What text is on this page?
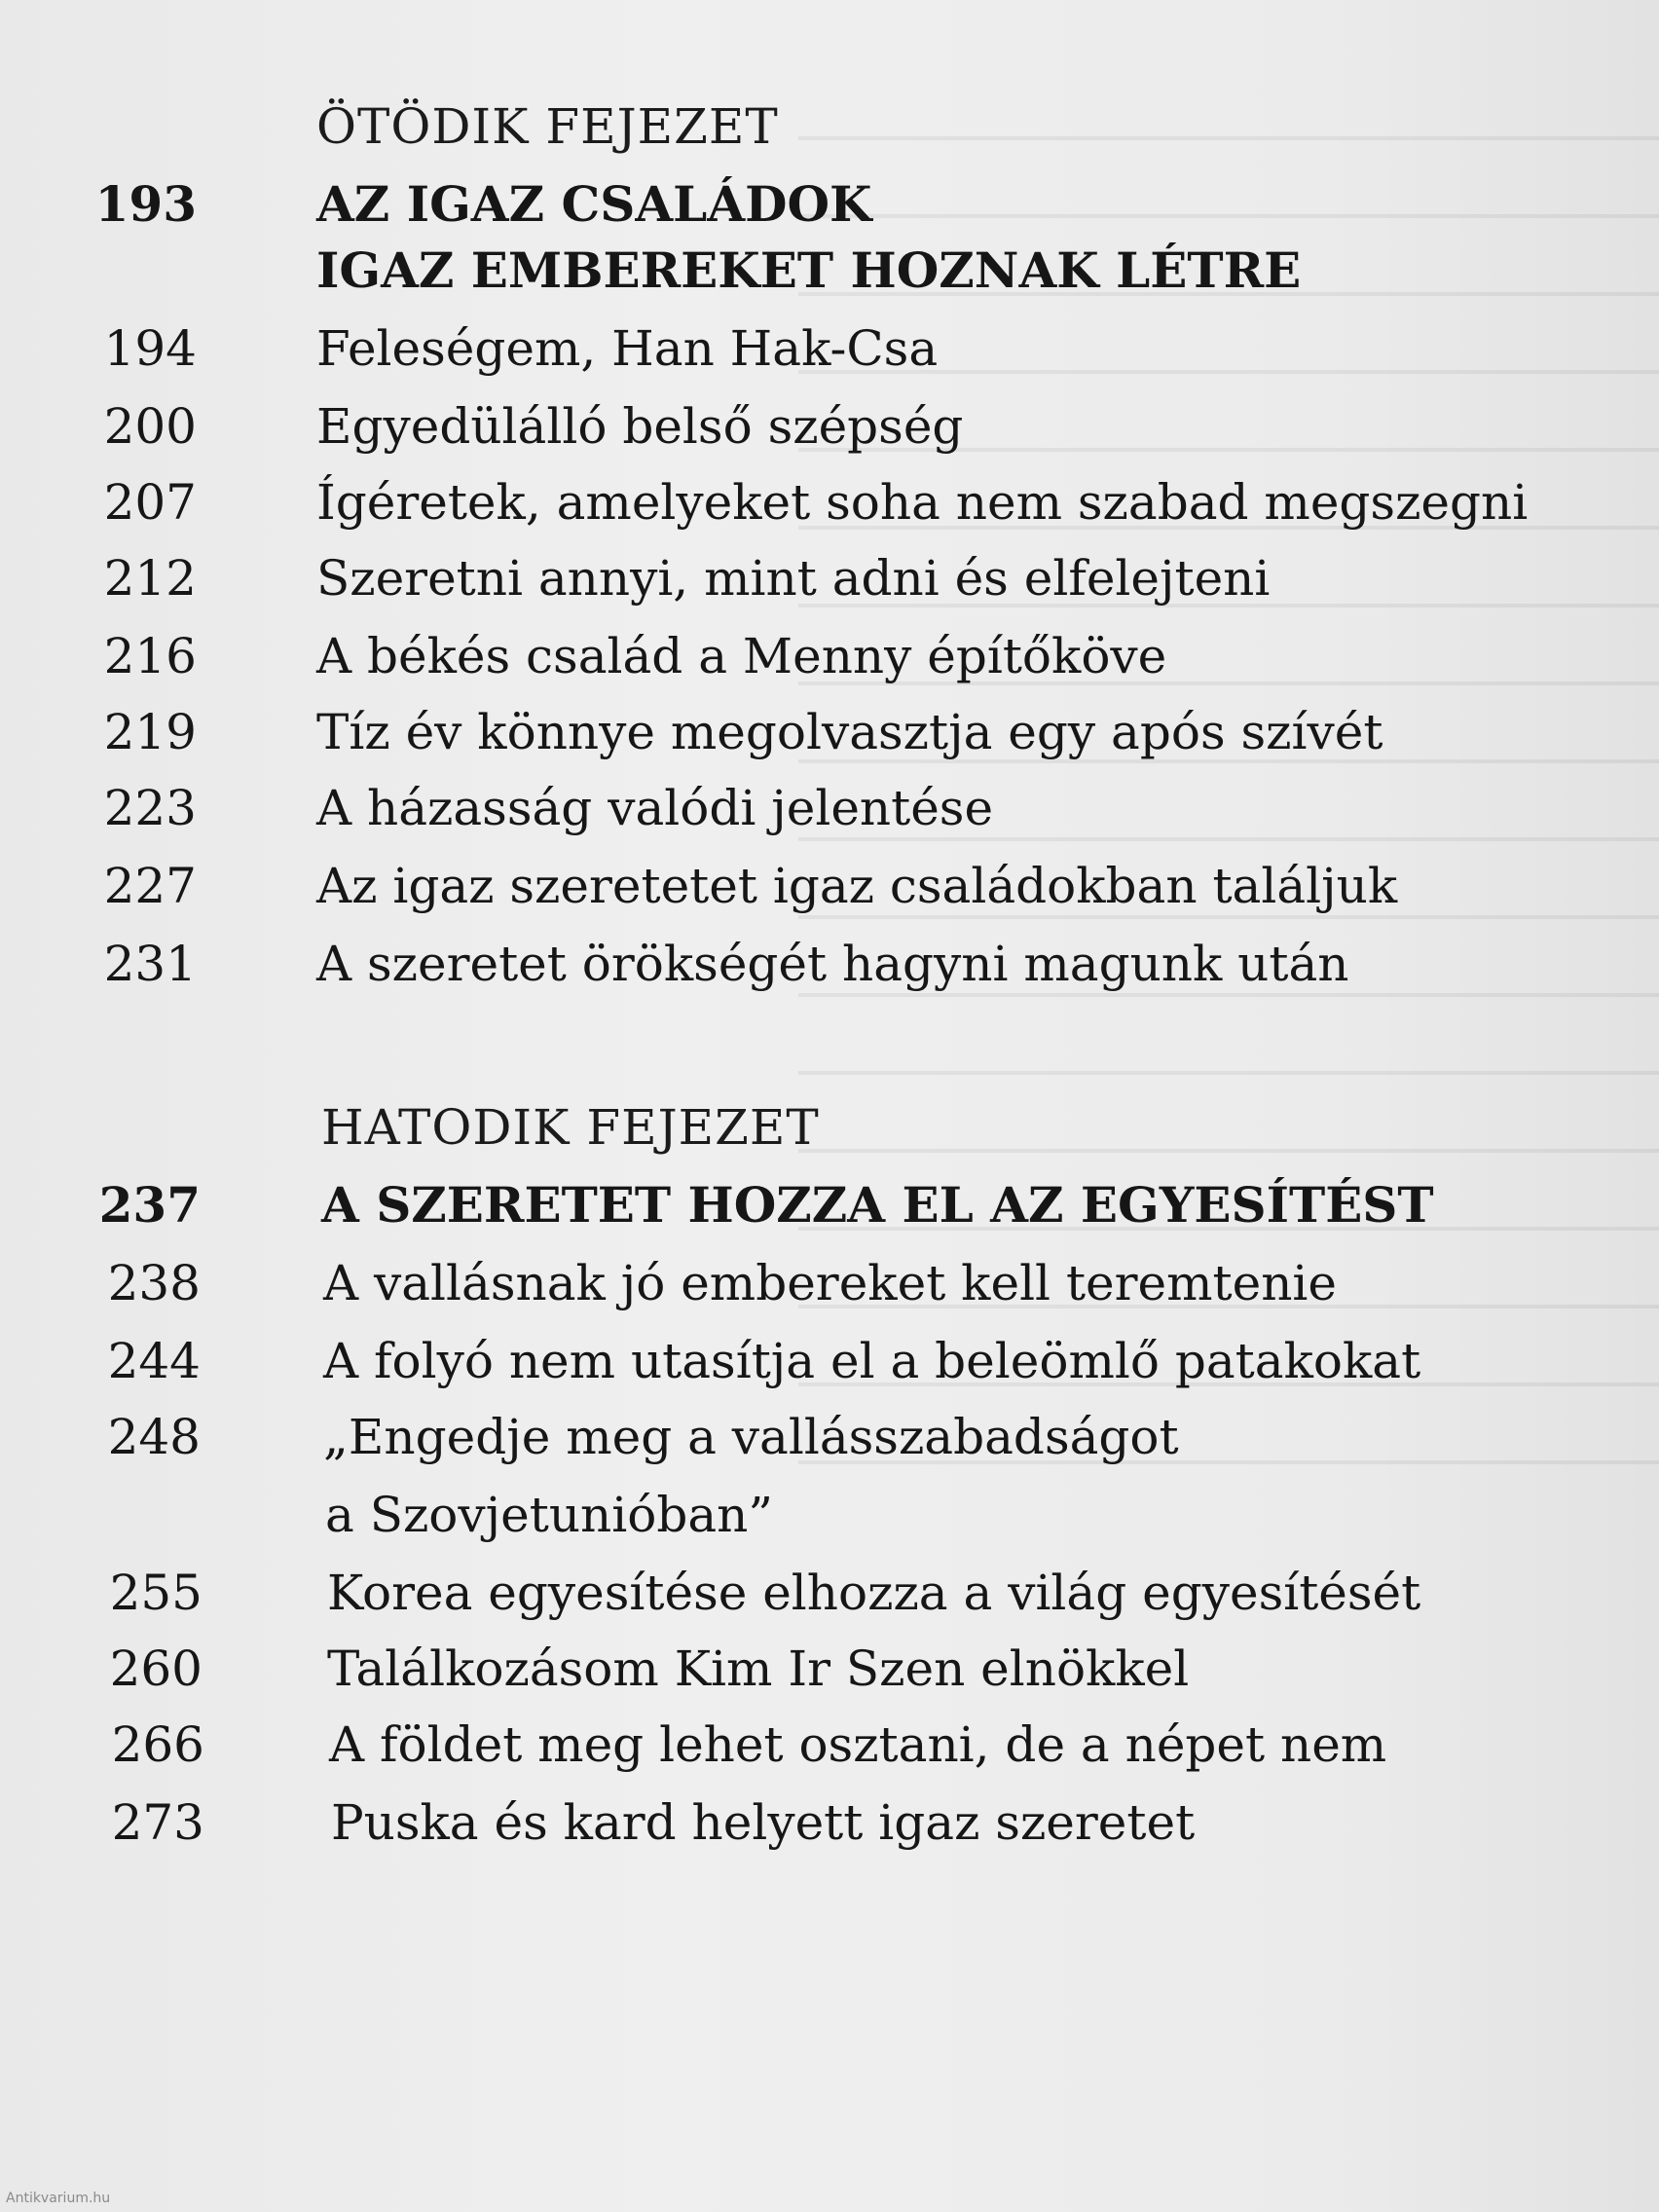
ÖTÖDIK FEJEZET
193 AZ IGAZ CSALÁDOK
IGAZ EMBEREKET HOZNAK LÉTRE
194 Feleségem, Han Hak-Csa
200 Egyedülálló belső szépség
207 Ígéretek, amelyeket soha nem szabad megszegni
212 Szeretni annyi, mint adni és elfelejteni
216 A békés család a Menny építőköve
219 Tíz év könnye megolvasztja egy após szívét
223 A házasság valódi jelentése
227 Az igaz szeretetet igaz családokban találjuk
231 A szeretet örökségét hagyni magunk után
HATODIK FEJEZET
237 A SZERETET HOZZA EL AZ EGYESÍTÉST
238	A vallásnak jó embereket kell teremtenie
244	A folyó nem utasítja el a beleömlő patakokat
248	„Engedje meg a vallásszabadságot
a Szovjetunióban”
255	Korea egyesítése elhozza a világ egyesítését
260	Találkozásom Kim Ir Szen elnökkel
266	A földet meg lehet osztani, de a népet nem
273	Puska és kard helyett igaz szeretet
Antikvarium.hu
